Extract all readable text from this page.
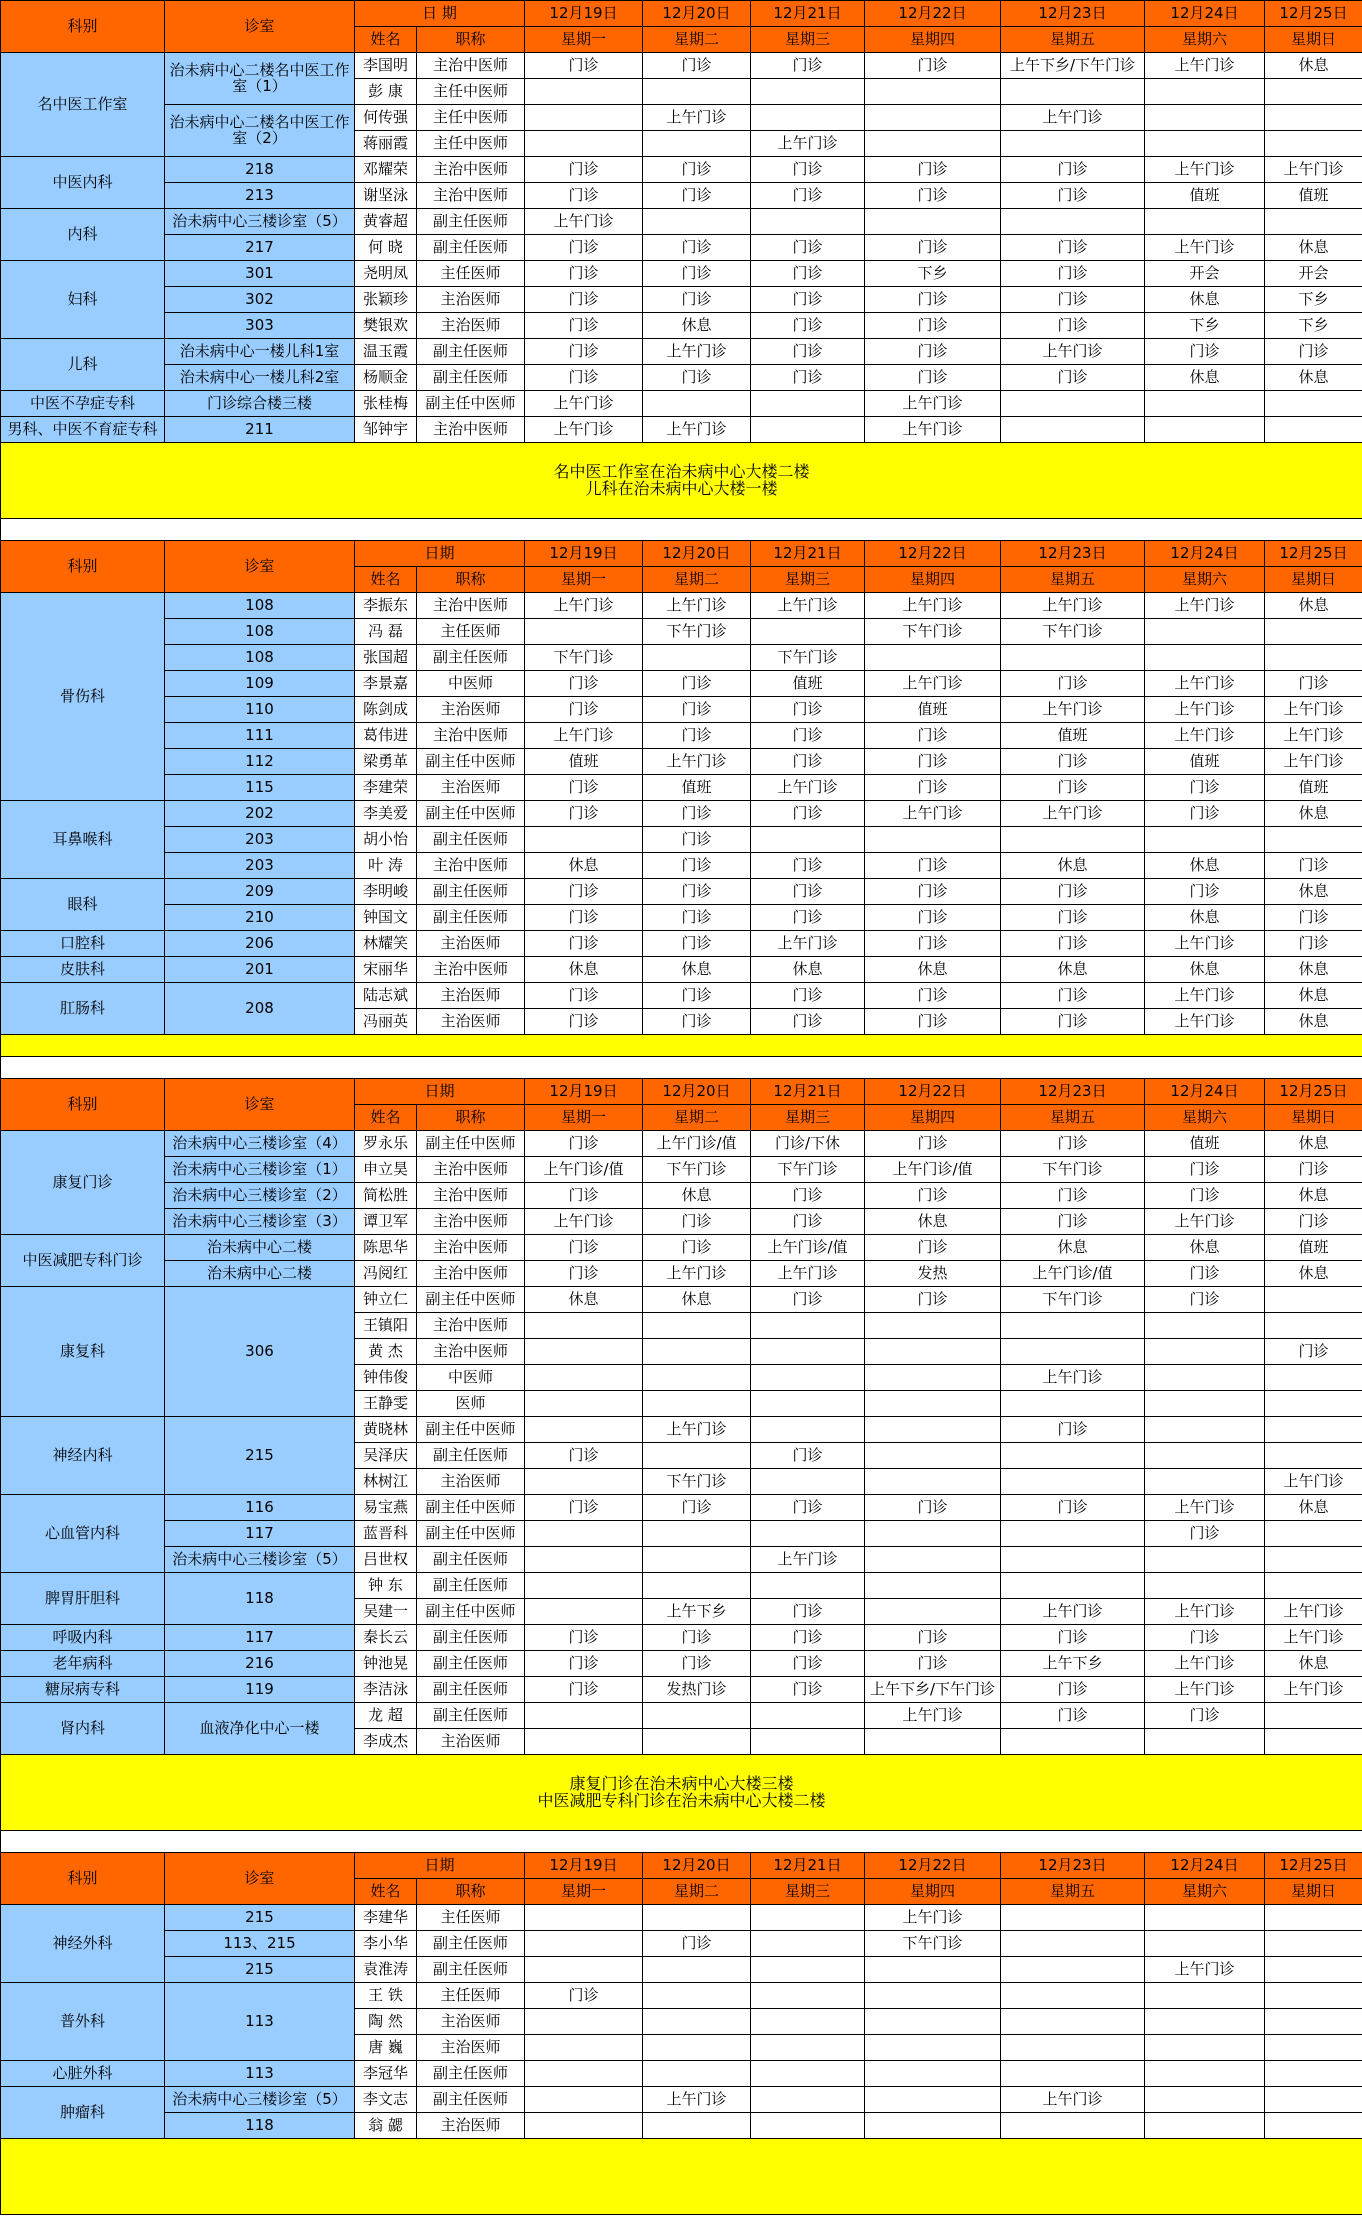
科别	诊室	日 期		12月19日	12月20日	12月21日	12月22日	12月23日	12月24日	12月25日
		姓名	职称	星期一	星期二	星期三	星期四	星期五	星期六	星期日
名中医工作室	治未病中心二楼名中医工作室（1）	李国明	主治中医师	门诊	门诊	门诊	门诊	上午下乡/下午门诊	上午门诊	休息
		彭 康	主任中医师							
	治未病中心二楼名中医工作室（2）	何传强	主任中医师		上午门诊			上午门诊		
		蒋丽霞	主任中医师			上午门诊				
中医内科	218	邓耀荣	主治中医师	门诊	门诊	门诊	门诊	门诊	上午门诊	上午门诊
	213	谢坚泳	主治中医师	门诊	门诊	门诊	门诊	门诊	值班	值班
内科	治未病中心三楼诊室（5）	黄睿超	副主任医师	上午门诊						
	217	何 晓	副主任医师	门诊	门诊	门诊	门诊	门诊	上午门诊	休息
妇科	301	尧明凤	主任医师	门诊	门诊	门诊	下乡	门诊	开会	开会
	302	张颖珍	主治医师	门诊	门诊	门诊	门诊	门诊	休息	下乡
	303	樊银欢	主治医师	门诊	休息	门诊	门诊	门诊	下乡	下乡
儿科	治未病中心一楼儿科1室	温玉霞	副主任医师	门诊	上午门诊	门诊	门诊	上午门诊	门诊	门诊
	治未病中心一楼儿科2室	杨顺金	副主任医师	门诊	门诊	门诊	门诊	门诊	休息	休息
中医不孕症专科	门诊综合楼三楼	张桂梅	副主任中医师	上午门诊			上午门诊			
男科、中医不育症专科	211	邹钟宇	主治中医师	上午门诊	上午门诊		上午门诊			

名中医工作室在治未病中心大楼二楼
儿科在治未病中心大楼一楼										

科别	诊室	日期		12月19日	12月20日	12月21日	12月22日	12月23日	12月24日	12月25日
		姓名	职称	星期一	星期二	星期三	星期四	星期五	星期六	星期日
骨伤科	108	李振东	主治中医师	上午门诊	上午门诊	上午门诊	上午门诊	上午门诊	上午门诊	休息
	108	冯 磊	主任医师		下午门诊		下午门诊	下午门诊		
	108	张国超	副主任医师	下午门诊		下午门诊				
	109	李景嘉	中医师	门诊	门诊	值班	上午门诊	门诊	上午门诊	门诊
	110	陈剑成	主治医师	门诊	门诊	门诊	值班	上午门诊	上午门诊	上午门诊
	111	葛伟进	主治中医师	上午门诊	门诊	门诊	门诊	值班	上午门诊	上午门诊
	112	梁勇革	副主任中医师	值班	上午门诊	门诊	门诊	门诊	值班	上午门诊
	115	李建荣	主治医师	门诊	值班	上午门诊	门诊	门诊	门诊	值班
耳鼻喉科	202	李美爱	副主任中医师	门诊	门诊	门诊	上午门诊	上午门诊	门诊	休息
	203	胡小怡	副主任医师		门诊					
	203	叶 涛	主治中医师	休息	门诊	门诊	门诊	休息	休息	门诊
眼科	209	李明峻	副主任医师	门诊	门诊	门诊	门诊	门诊	门诊	休息
	210	钟国文	副主任医师	门诊	门诊	门诊	门诊	门诊	休息	门诊
口腔科	206	林耀笑	主治医师	门诊	门诊	上午门诊	门诊	门诊	上午门诊	门诊
皮肤科	201	宋丽华	主治中医师	休息	休息	休息	休息	休息	休息	休息
肛肠科	208	陆志斌	主治医师	门诊	门诊	门诊	门诊	门诊	上午门诊	休息
		冯丽英	主治医师	门诊	门诊	门诊	门诊	门诊	上午门诊	休息

科别	诊室	日期		12月19日	12月20日	12月21日	12月22日	12月23日	12月24日	12月25日
		姓名	职称	星期一	星期二	星期三	星期四	星期五	星期六	星期日
康复门诊	治未病中心三楼诊室（4）	罗永乐	副主任中医师	门诊	上午门诊/值	门诊/下休	门诊	门诊	值班	休息
	治未病中心三楼诊室（1）	申立昊	主治中医师	上午门诊/值	下午门诊	下午门诊	上午门诊/值	下午门诊	门诊	门诊
	治未病中心三楼诊室（2）	简松胜	主治中医师	门诊	休息	门诊	门诊	门诊	门诊	休息
	治未病中心三楼诊室（3）	谭卫军	主治中医师	上午门诊	门诊	门诊	休息	门诊	上午门诊	门诊
中医减肥专科门诊	治未病中心二楼	陈思华	主治中医师	门诊	门诊	上午门诊/值	门诊	休息	休息	值班
	治未病中心二楼	冯阅红	主治中医师	门诊	上午门诊	上午门诊	发热	上午门诊/值	门诊	休息
康复科	306	钟立仁	副主任中医师	休息	休息	门诊	门诊	下午门诊	门诊	
		王镇阳	主治中医师							
		黄 杰	主治中医师							门诊
		钟伟俊	中医师					上午门诊		
		王静雯	医师							
神经内科	215	黄晓林	副主任中医师		上午门诊			门诊		
		吴泽庆	副主任医师	门诊		门诊				
		林树江	主治医师		下午门诊					上午门诊
心血管内科	116	易宝燕	副主任中医师	门诊	门诊	门诊	门诊	门诊	上午门诊	休息
	117	蓝晋科	副主任中医师						门诊	
	治未病中心三楼诊室（5）	吕世权	副主任医师			上午门诊				
脾胃肝胆科	118	钟 东	副主任医师							
		吴建一	副主任中医师		上午下乡	门诊		上午门诊	上午门诊	上午门诊
呼吸内科	117	秦长云	副主任医师	门诊	门诊	门诊	门诊	门诊	门诊	上午门诊
老年病科	216	钟池晃	副主任医师	门诊	门诊	门诊	门诊	上午下乡	上午门诊	休息
糖尿病专科	119	李洁泳	副主任医师	门诊	发热门诊	门诊	上午下乡/下午门诊	门诊	上午门诊	上午门诊
肾内科	血液净化中心一楼	龙 超	副主任医师				上午门诊	门诊	门诊	
		李成杰	主治医师							

康复门诊在治未病中心大楼三楼
中医减肥专科门诊在治未病中心大楼二楼										

科别	诊室	日期		12月19日	12月20日	12月21日	12月22日	12月23日	12月24日	12月25日
		姓名	职称	星期一	星期二	星期三	星期四	星期五	星期六	星期日
神经外科	215	李建华	主任医师				上午门诊			
	113、215	李小华	副主任医师		门诊		下午门诊			
	215	袁淮涛	副主任医师						上午门诊	
普外科	113	王 铁	主任医师	门诊						
		陶 然	主治医师							
		唐 巍	主治医师							
心脏外科	113	李冠华	副主任医师							
肿瘤科	治未病中心三楼诊室（5）	李文志	副主任医师		上午门诊			上午门诊		
	118	翁 勰	主治医师							
